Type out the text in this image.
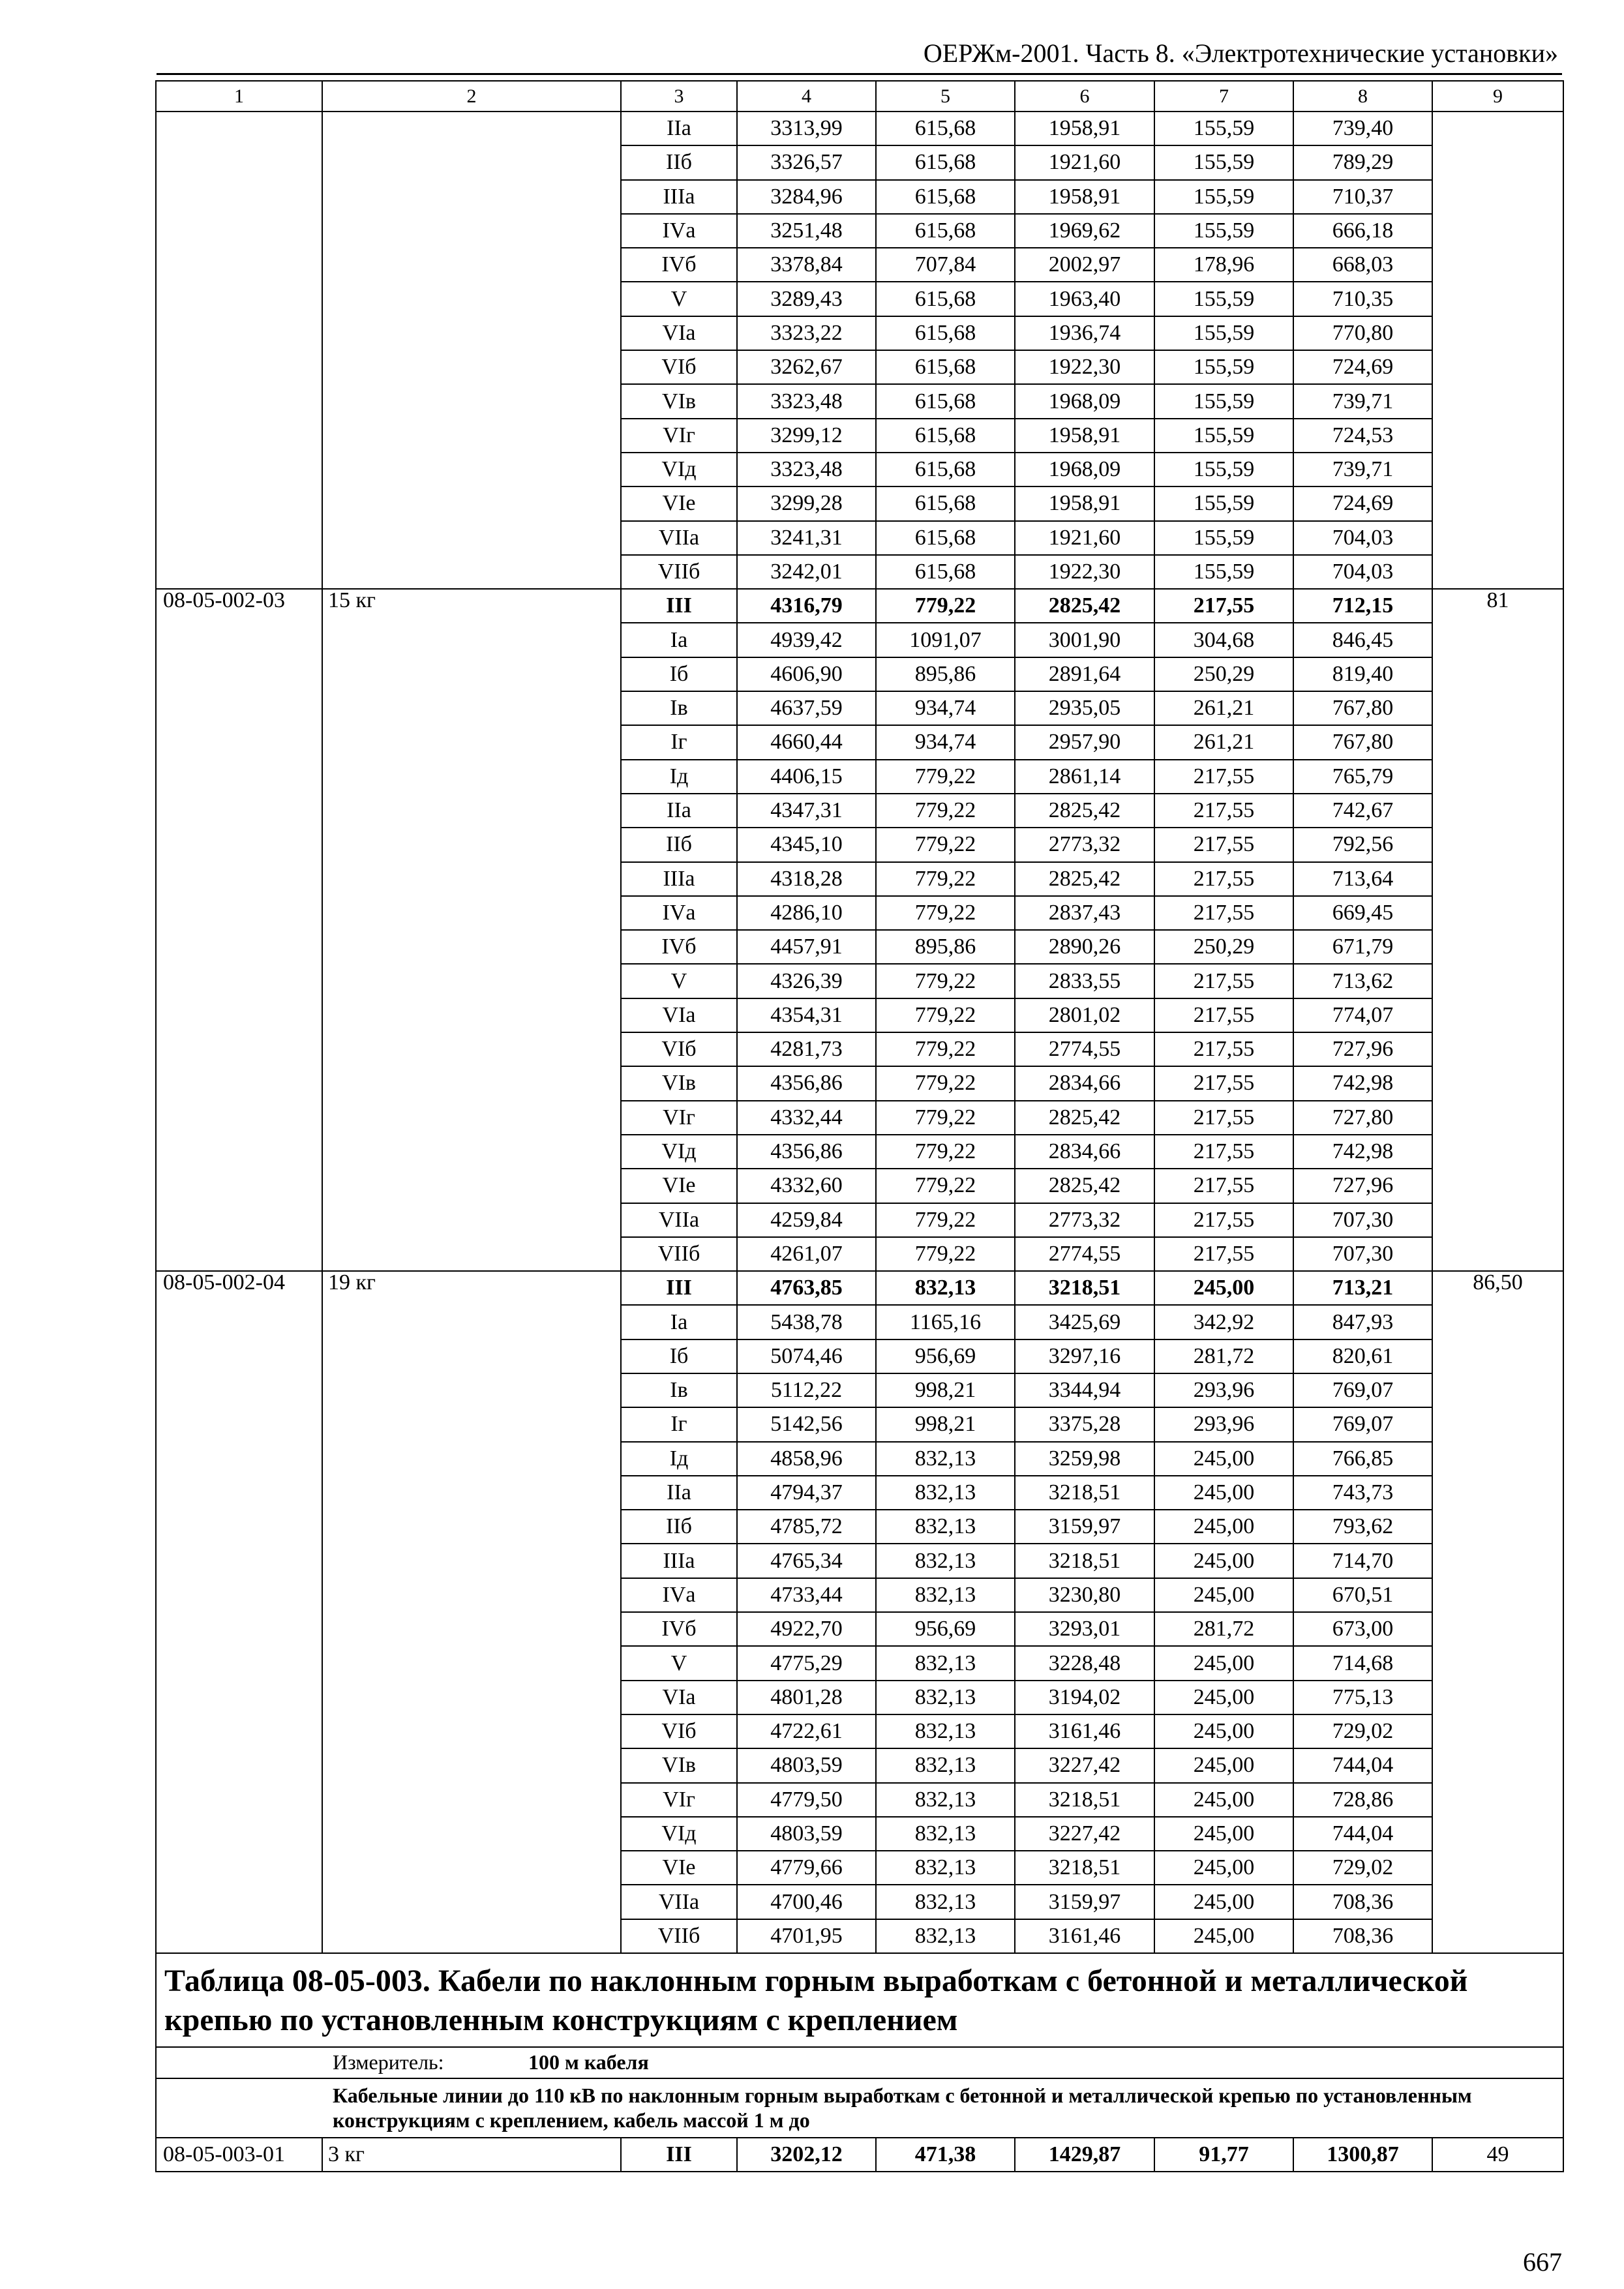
ОЕРЖм-2001. Часть 8. «Электротехнические установки»
1	2	3	4	5	6	7	8	9
		IIа	3313,99	615,68	1958,91	155,59	739,40	
		IIб	3326,57	615,68	1921,60	155,59	789,29	
		IIIа	3284,96	615,68	1958,91	155,59	710,37	
		IVа	3251,48	615,68	1969,62	155,59	666,18	
		IVб	3378,84	707,84	2002,97	178,96	668,03	
		V	3289,43	615,68	1963,40	155,59	710,35	
		VIа	3323,22	615,68	1936,74	155,59	770,80	
		VIб	3262,67	615,68	1922,30	155,59	724,69	
		VIв	3323,48	615,68	1968,09	155,59	739,71	
		VIг	3299,12	615,68	1958,91	155,59	724,53	
		VIд	3323,48	615,68	1968,09	155,59	739,71	
		VIе	3299,28	615,68	1958,91	155,59	724,69	
		VIIа	3241,31	615,68	1921,60	155,59	704,03	
		VIIб	3242,01	615,68	1922,30	155,59	704,03	
08-05-002-03	15 кг	III	4316,79	779,22	2825,42	217,55	712,15	81
		Iа	4939,42	1091,07	3001,90	304,68	846,45	
		Iб	4606,90	895,86	2891,64	250,29	819,40	
		Iв	4637,59	934,74	2935,05	261,21	767,80	
		Iг	4660,44	934,74	2957,90	261,21	767,80	
		Iд	4406,15	779,22	2861,14	217,55	765,79	
		IIа	4347,31	779,22	2825,42	217,55	742,67	
		IIб	4345,10	779,22	2773,32	217,55	792,56	
		IIIа	4318,28	779,22	2825,42	217,55	713,64	
		IVа	4286,10	779,22	2837,43	217,55	669,45	
		IVб	4457,91	895,86	2890,26	250,29	671,79	
		V	4326,39	779,22	2833,55	217,55	713,62	
		VIа	4354,31	779,22	2801,02	217,55	774,07	
		VIб	4281,73	779,22	2774,55	217,55	727,96	
		VIв	4356,86	779,22	2834,66	217,55	742,98	
		VIг	4332,44	779,22	2825,42	217,55	727,80	
		VIд	4356,86	779,22	2834,66	217,55	742,98	
		VIе	4332,60	779,22	2825,42	217,55	727,96	
		VIIа	4259,84	779,22	2773,32	217,55	707,30	
		VIIб	4261,07	779,22	2774,55	217,55	707,30	
08-05-002-04	19 кг	III	4763,85	832,13	3218,51	245,00	713,21	86,50
		Iа	5438,78	1165,16	3425,69	342,92	847,93	
		Iб	5074,46	956,69	3297,16	281,72	820,61	
		Iв	5112,22	998,21	3344,94	293,96	769,07	
		Iг	5142,56	998,21	3375,28	293,96	769,07	
		Iд	4858,96	832,13	3259,98	245,00	766,85	
		IIа	4794,37	832,13	3218,51	245,00	743,73	
		IIб	4785,72	832,13	3159,97	245,00	793,62	
		IIIа	4765,34	832,13	3218,51	245,00	714,70	
		IVа	4733,44	832,13	3230,80	245,00	670,51	
		IVб	4922,70	956,69	3293,01	281,72	673,00	
		V	4775,29	832,13	3228,48	245,00	714,68	
		VIа	4801,28	832,13	3194,02	245,00	775,13	
		VIб	4722,61	832,13	3161,46	245,00	729,02	
		VIв	4803,59	832,13	3227,42	245,00	744,04	
		VIг	4779,50	832,13	3218,51	245,00	728,86	
		VIд	4803,59	832,13	3227,42	245,00	744,04	
		VIе	4779,66	832,13	3218,51	245,00	729,02	
		VIIа	4700,46	832,13	3159,97	245,00	708,36	
		VIIб	4701,95	832,13	3161,46	245,00	708,36	

Таблица 08-05-003. Кабели по наклонным горным выработкам с бетонной и металлической крепью по установленным конструкциям с креплением								

Измеритель: 100 м кабеля								

Кабельные линии до 110 кВ по наклонным горным выработкам с бетонной и металлической крепью по установленным конструкциям с креплением, кабель массой 1 м до								

08-05-003-01	3 кг	III	3202,12	471,38	1429,87	91,77	1300,87	49
667
